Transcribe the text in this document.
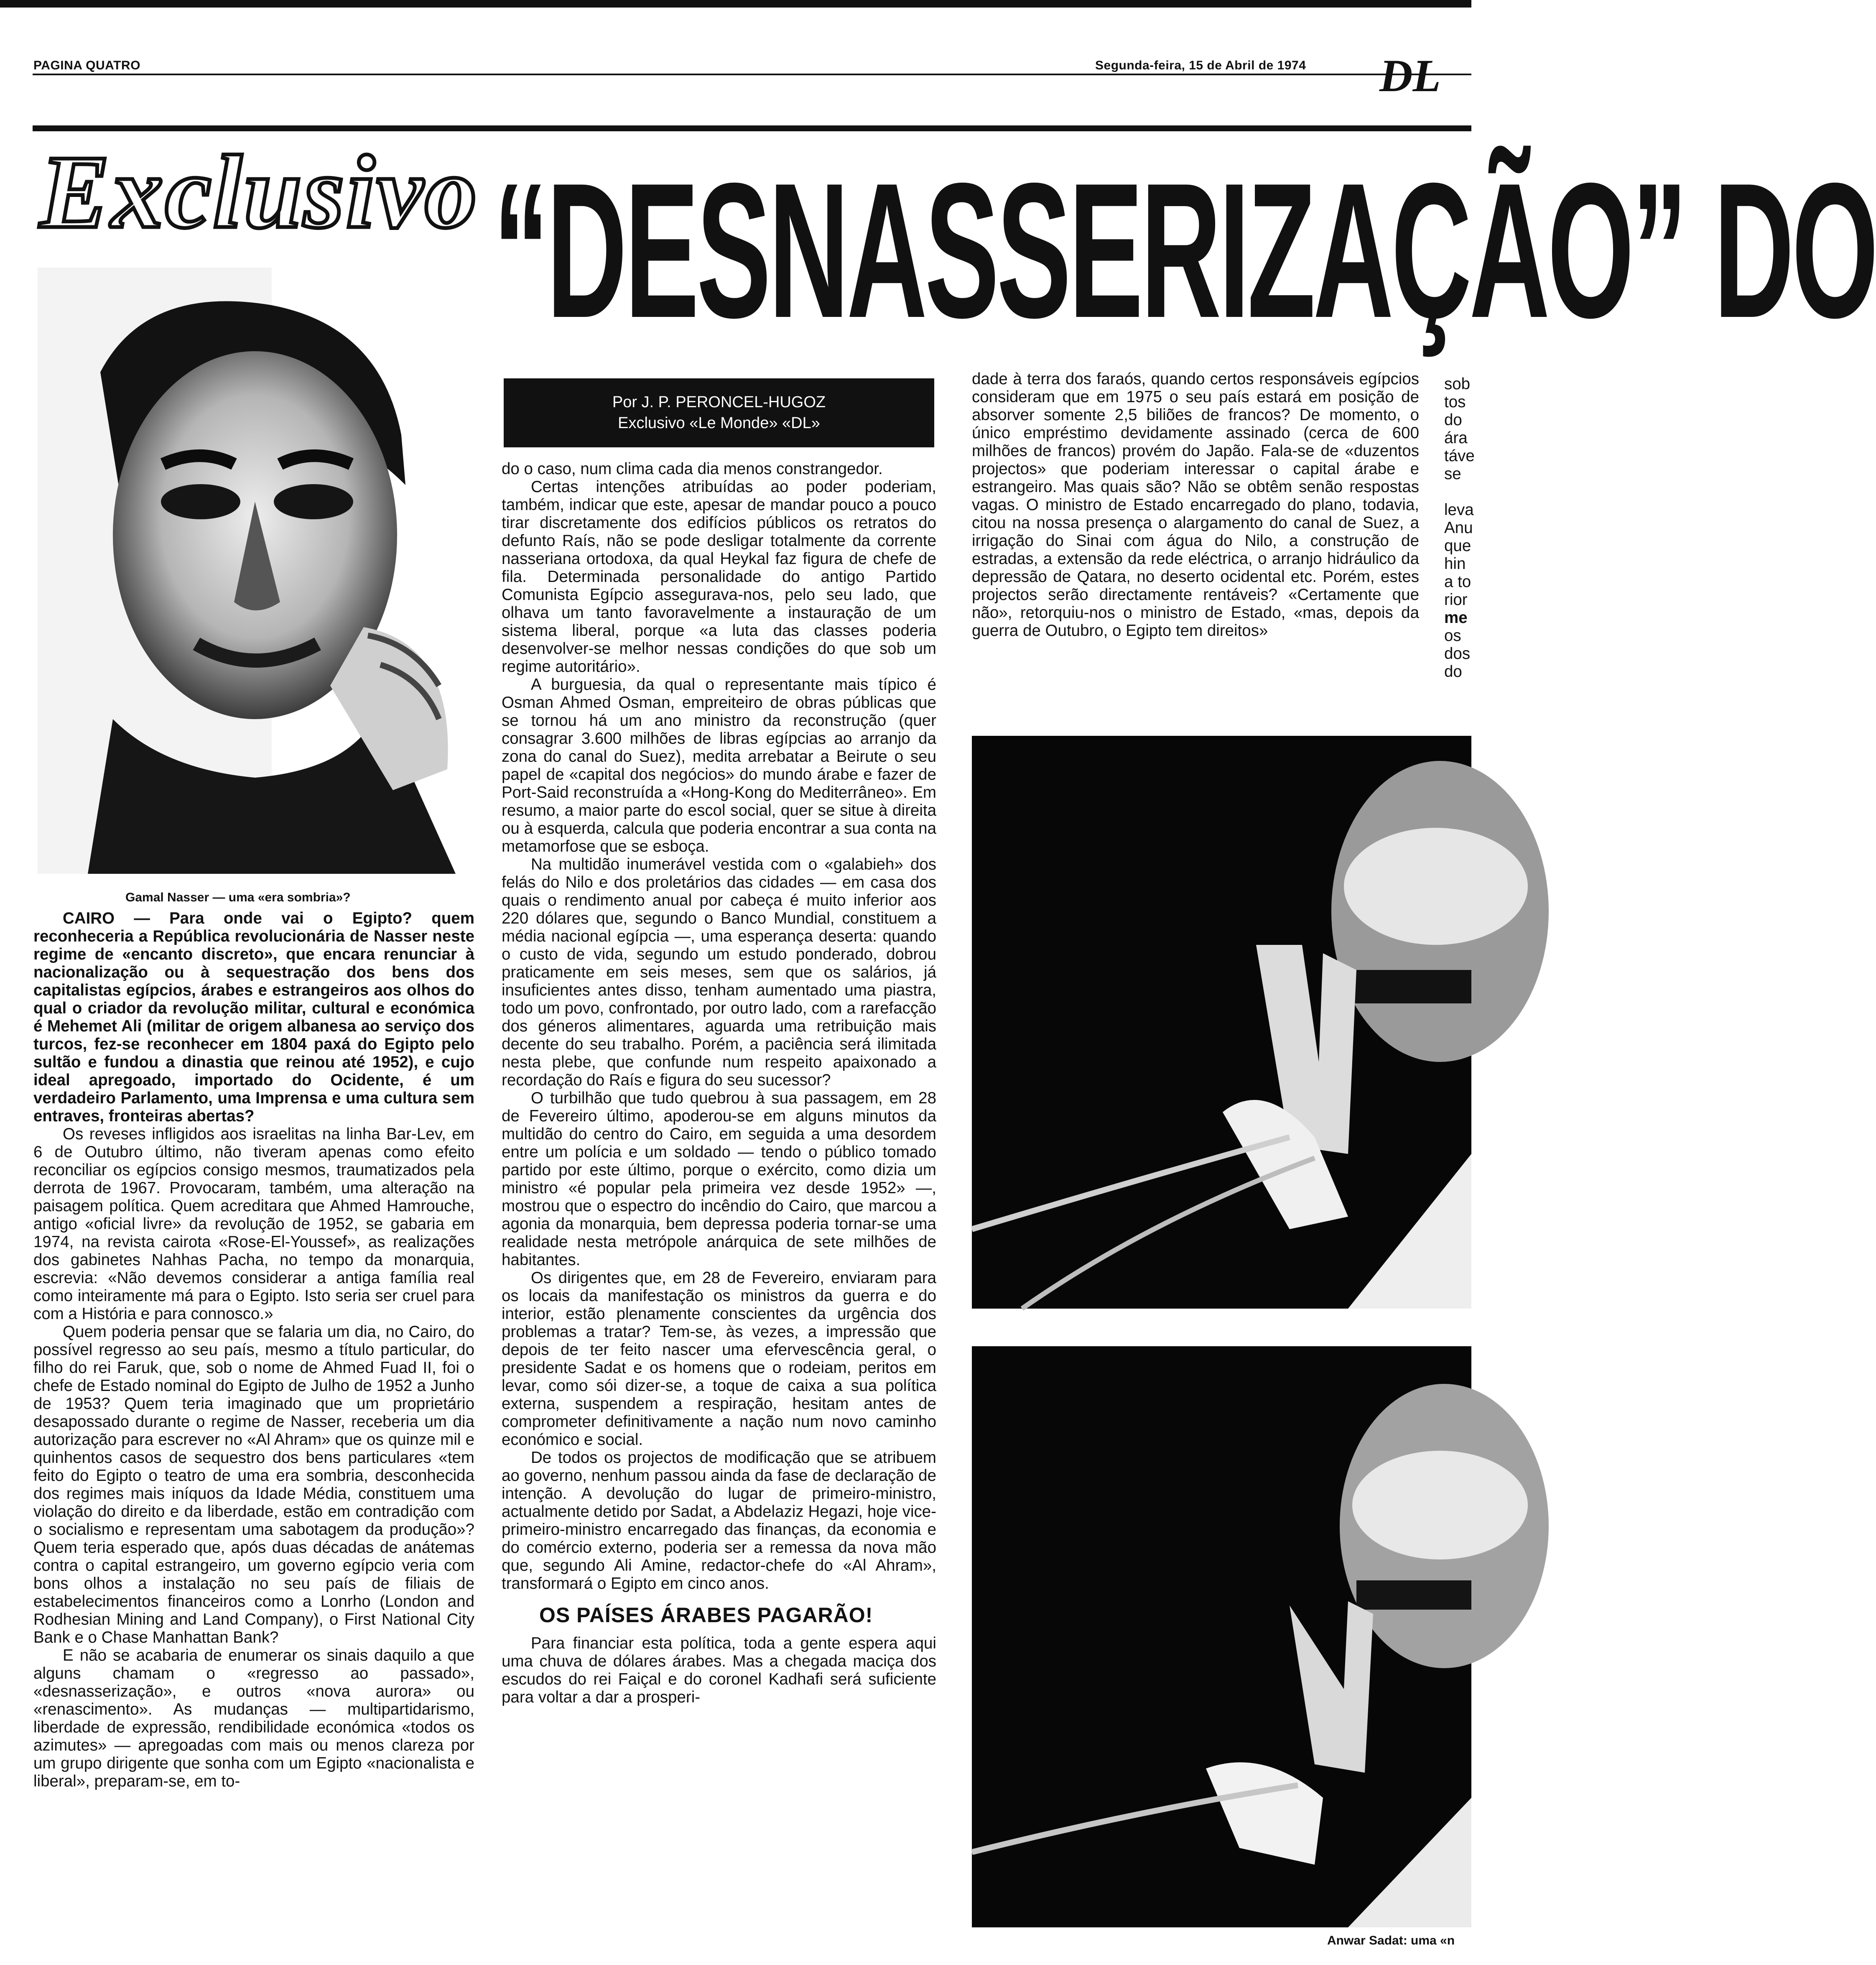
PAGINA QUATRO	Segunda-feira, 15 de Abril de 1974 DL
Exclusivo “DESNASSERIZAÇÃO” DO
Gamal Nasser — uma «era sombria»?
Por J. P. PERONCEL-HUGOZ
Exclusivo «Le Monde» «DL»

CAIRO — Para onde vai o Egipto? quem reconheceria a República revolucionária de Nasser neste regime de «encanto discreto», que encara renunciar à nacionalização ou à sequestração dos bens dos capitalistas egípcios, árabes e estrangeiros aos olhos do qual o criador da revolução militar, cultural e económica é Mehemet Ali (militar de origem albanesa ao serviço dos turcos, fez-se reconhecer em 1804 paxá do Egipto pelo sultão e fundou a dinastia que reinou até 1952), e cujo ideal apregoado, importado do Ocidente, é um verdadeiro Parlamento, uma Imprensa e uma cultura sem entraves, fronteiras abertas?

Os reveses infligidos aos israelitas na linha Bar-Lev, em 6 de Outubro último, não tiveram apenas como efeito reconciliar os egípcios consigo mesmos, traumatizados pela derrota de 1967. Provocaram, também, uma alteração na paisagem política. Quem acreditara que Ahmed Hamrouche, antigo «oficial livre» da revolução de 1952, se gabaria em 1974, na revista cairota «Rose-El-Youssef», as realizações dos gabinetes Nahhas Pacha, no tempo da monarquia, escrevia: «Não devemos considerar a antiga família real como inteiramente má para o Egipto. Isto seria ser cruel para com a História e para connosco.»

Quem poderia pensar que se falaria um dia, no Cairo, do possível regresso ao seu país, mesmo a título particular, do filho do rei Faruk, que, sob o nome de Ahmed Fuad II, foi o chefe de Estado nominal do Egipto de Julho de 1952 a Junho de 1953? Quem teria imaginado que um proprietário desapossado durante o regime de Nasser, receberia um dia autorização para escrever no «Al Ahram» que os quinze mil e quinhentos casos de sequestro dos bens particulares «tem feito do Egipto o teatro de uma era sombria, desconhecida dos regimes mais iníquos da Idade Média, constituem uma violação do direito e da liberdade, estão em contradição com o socialismo e representam uma sabotagem da produção»? Quem teria esperado que, após duas décadas de anátemas contra o capital estrangeiro, um governo egípcio veria com bons olhos a instalação no seu país de filiais de estabelecimentos financeiros como a Lonrho (London and Rodhesian Mining and Land Company), o First National City Bank e o Chase Manhattan Bank?

E não se acabaria de enumerar os sinais daquilo a que alguns chamam o «regresso ao passado», «desnasserização», e outros «nova aurora» ou «renascimento». As mudanças — multipartidarismo, liberdade de expressão, rendibilidade económica «todos os azimutes» — apregoadas com mais ou menos clareza por um grupo dirigente que sonha com um Egipto «nacionalista e liberal», preparam-se, em to-

do o caso, num clima cada dia menos constrangedor.

Certas intenções atribuídas ao poder poderiam, também, indicar que este, apesar de mandar pouco a pouco tirar discretamente dos edifícios públicos os retratos do defunto Raís, não se pode desligar totalmente da corrente nasseriana ortodoxa, da qual Heykal faz figura de chefe de fila. Determinada personalidade do antigo Partido Comunista Egípcio assegurava-nos, pelo seu lado, que olhava um tanto favoravelmente a instauração de um sistema liberal, porque «a luta das classes poderia desenvolver-se melhor nessas condições do que sob um regime autoritário».

A burguesia, da qual o representante mais típico é Osman Ahmed Osman, empreiteiro de obras públicas que se tornou há um ano ministro da reconstrução (quer consagrar 3.600 milhões de libras egípcias ao arranjo da zona do canal do Suez), medita arrebatar a Beirute o seu papel de «capital dos negócios» do mundo árabe e fazer de Port-Said reconstruída a «Hong-Kong do Mediterrâneo». Em resumo, a maior parte do escol social, quer se situe à direita ou à esquerda, calcula que poderia encontrar a sua conta na metamorfose que se esboça.

Na multidão inumerável vestida com o «galabieh» dos felás do Nilo e dos proletários das cidades — em casa dos quais o rendimento anual por cabeça é muito inferior aos 220 dólares que, segundo o Banco Mundial, constituem a média nacional egípcia —, uma esperança deserta: quando o custo de vida, segundo um estudo ponderado, dobrou praticamente em seis meses, sem que os salários, já insuficientes antes disso, tenham aumentado uma piastra, todo um povo, confrontado, por outro lado, com a rarefacção dos géneros alimentares, aguarda uma retribuição mais decente do seu trabalho. Porém, a paciência será ilimitada nesta plebe, que confunde num respeito apaixonado a recordação do Raís e figura do seu sucessor?

O turbilhão que tudo quebrou à sua passagem, em 28 de Fevereiro último, apoderou-se em alguns minutos da multidão do centro do Cairo, em seguida a uma desordem entre um polícia e um soldado — tendo o público tomado partido por este último, porque o exército, como dizia um ministro «é popular pela primeira vez desde 1952» —, mostrou que o espectro do incêndio do Cairo, que marcou a agonia da monarquia, bem depressa poderia tornar-se uma realidade nesta metrópole anárquica de sete milhões de habitantes.

Os dirigentes que, em 28 de Fevereiro, enviaram para os locais da manifestação os ministros da guerra e do interior, estão plenamente conscientes da urgência dos problemas a tratar? Tem-se, às vezes, a impressão que depois de ter feito nascer uma efervescência geral, o presidente Sadat e os homens que o rodeiam, peritos em levar, como sói dizer-se, a toque de caixa a sua política externa, suspendem a respiração, hesitam antes de comprometer definitivamente a nação num novo caminho económico e social.

De todos os projectos de modificação que se atribuem ao governo, nenhum passou ainda da fase de declaração de intenção. A devolução do lugar de primeiro-ministro, actualmente detido por Sadat, a Abdelaziz Hegazi, hoje vice-primeiro-ministro encarregado das finanças, da economia e do comércio externo, poderia ser a remessa da nova mão que, segundo Ali Amine, redactor-chefe do «Al Ahram», transformará o Egipto em cinco anos.

OS PAÍSES ÁRABES PAGARÃO!

Para financiar esta política, toda a gente espera aqui uma chuva de dólares árabes. Mas a chegada maciça dos escudos do rei Faiçal e do coronel Kadhafi será suficiente para voltar a dar a prosperi-

dade à terra dos faraós, quando certos responsáveis egípcios consideram que em 1975 o seu país estará em posição de absorver somente 2,5 biliões de francos? De momento, o único empréstimo devidamente assinado (cerca de 600 milhões de francos) provém do Japão. Fala-se de «duzentos projectos» que poderiam interessar o capital árabe e estrangeiro. Mas quais são? Não se obtêm senão respostas vagas. O ministro de Estado encarregado do plano, todavia, citou na nossa presença o alargamento do canal de Suez, a irrigação do Sinai com água do Nilo, a construção de estradas, a extensão da rede eléctrica, o arranjo hidráulico da depressão de Qatara, no deserto ocidental etc. Porém, estes projectos serão directamente rentáveis? «Certamente que não», retorquiu-nos o ministro de Estado, «mas, depois da guerra de Outubro, o Egipto tem direitos»

sob
tos
do
ára
táve
se
leva
Anu
que
hin
a to
rior
me
os
dos
do
Anwar Sadat: uma «n
